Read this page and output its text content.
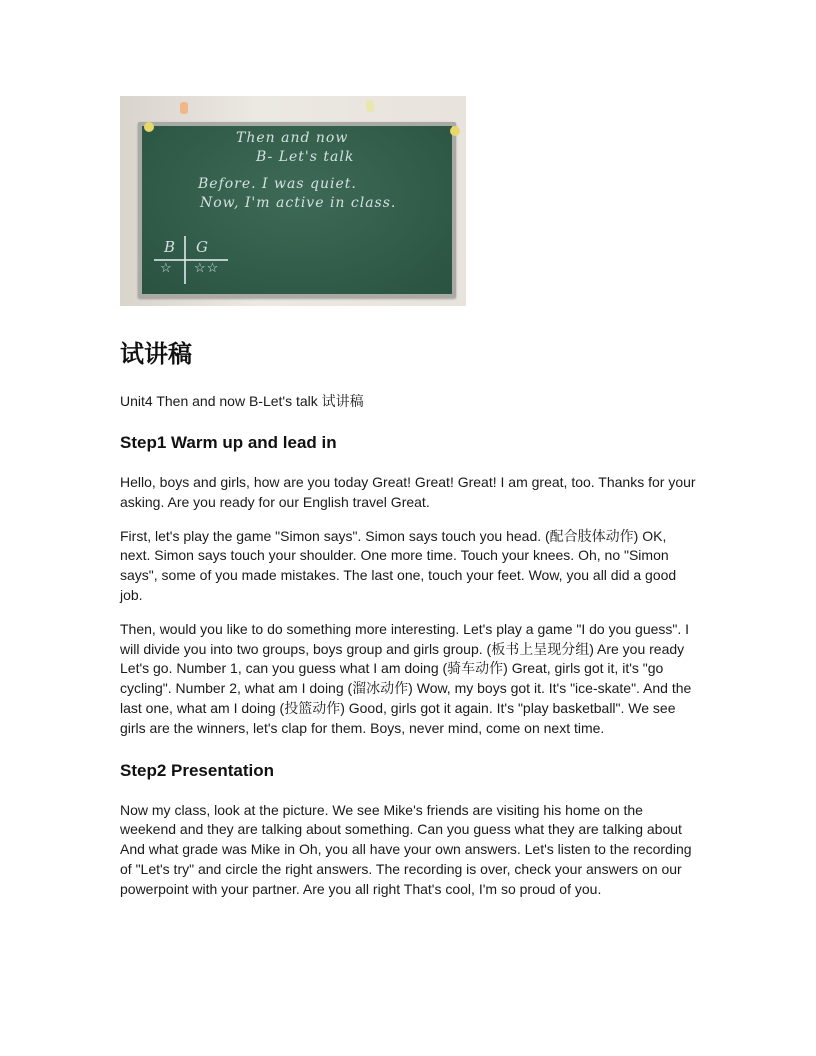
Then and now
B- Let's talk
Before. I was quiet.
Now, I'm active in class.
B G
☆ ☆☆
试讲稿
Unit4 Then and now B-Let's talk 试讲稿
Step1 Warm up and lead in

Hello, boys and girls, how are you today Great! Great! Great! I am great, too. Thanks for your asking. Are you ready for our English travel Great.

First, let's play the game "Simon says". Simon says touch you head. (配合肢体动作) OK, next. Simon says touch your shoulder. One more time. Touch your knees. Oh, no "Simon says", some of you made mistakes. The last one, touch your feet. Wow, you all did a good job.

Then, would you like to do something more interesting. Let's play a game "I do you guess". I will divide you into two groups, boys group and girls group. (板书上呈现分组) Are you ready Let's go. Number 1, can you guess what I am doing (骑车动作) Great, girls got it, it's "go cycling". Number 2, what am I doing (溜冰动作) Wow, my boys got it. It's "ice-skate". And the last one, what am I doing (投篮动作) Good, girls got it again. It's "play basketball". We see girls are the winners, let's clap for them. Boys, never mind, come on next time.

Step2 Presentation

Now my class, look at the picture. We see Mike's friends are visiting his home on the weekend and they are talking about something. Can you guess what they are talking about And what grade was Mike in Oh, you all have your own answers. Let's listen to the recording of "Let's try" and circle the right answers. The recording is over, check your answers on our powerpoint with your partner. Are you all right That's cool, I'm so proud of you.
